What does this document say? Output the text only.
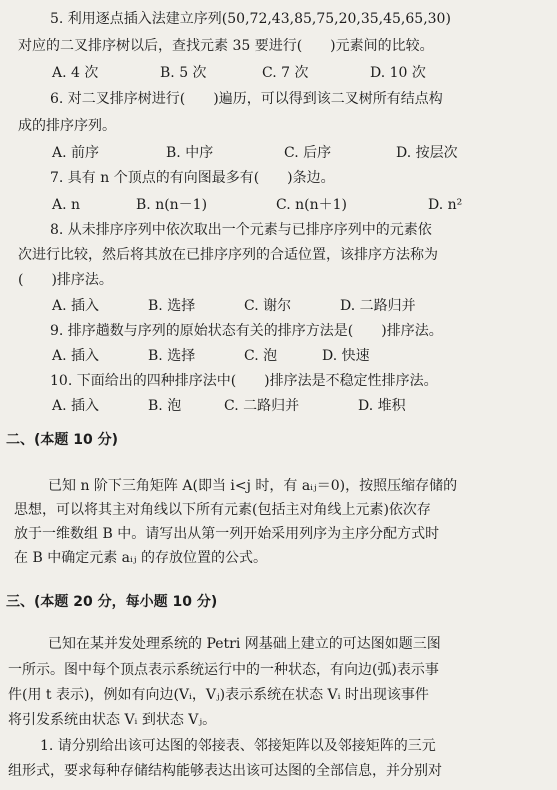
5. 利用逐点插入法建立序列(50,72,43,85,75,20,35,45,65,30)
对应的二叉排序树以后，查找元素 35 要进行(　　)元素间的比较。
A. 4 次	B. 5 次	C. 7 次	D. 10 次
6. 对二叉排序树进行(　　)遍历，可以得到该二叉树所有结点构
成的排序序列。
A. 前序	B. 中序	C. 后序	D. 按层次
7. 具有 n 个顶点的有向图最多有(　　)条边。
A. n	B. n(n－1)	C. n(n＋1)	D. n²
8. 从未排序序列中依次取出一个元素与已排序序列中的元素依
次进行比较，然后将其放在已排序序列的合适位置，该排序方法称为
(　　)排序法。
A. 插入	B. 选择	C. 谢尔	D. 二路归并
9. 排序趟数与序列的原始状态有关的排序方法是(　　)排序法。
A. 插入	B. 选择	C. 泡	D. 快速
10. 下面给出的四种排序法中(　　)排序法是不稳定性排序法。
A. 插入	B. 泡	C. 二路归并	D. 堆积
二、(本题 10 分)
已知 n 阶下三角矩阵 A(即当 i<j 时，有 aᵢⱼ＝0)，按照压缩存储的
思想，可以将其主对角线以下所有元素(包括主对角线上元素)依次存
放于一维数组 B 中。请写出从第一列开始采用列序为主序分配方式时
在 B 中确定元素 aᵢⱼ 的存放位置的公式。
三、(本题 20 分，每小题 10 分)
已知在某并发处理系统的 Petri 网基础上建立的可达图如题三图
一所示。图中每个顶点表示系统运行中的一种状态，有向边(弧)表示事
件(用 t 表示)，例如有向边(Vᵢ，Vⱼ)表示系统在状态 Vᵢ 时出现该事件
将引发系统由状态 Vᵢ 到状态 Vⱼ。
1. 请分别给出该可达图的邻接表、邻接矩阵以及邻接矩阵的三元
组形式，要求每种存储结构能够表达出该可达图的全部信息，并分别对
